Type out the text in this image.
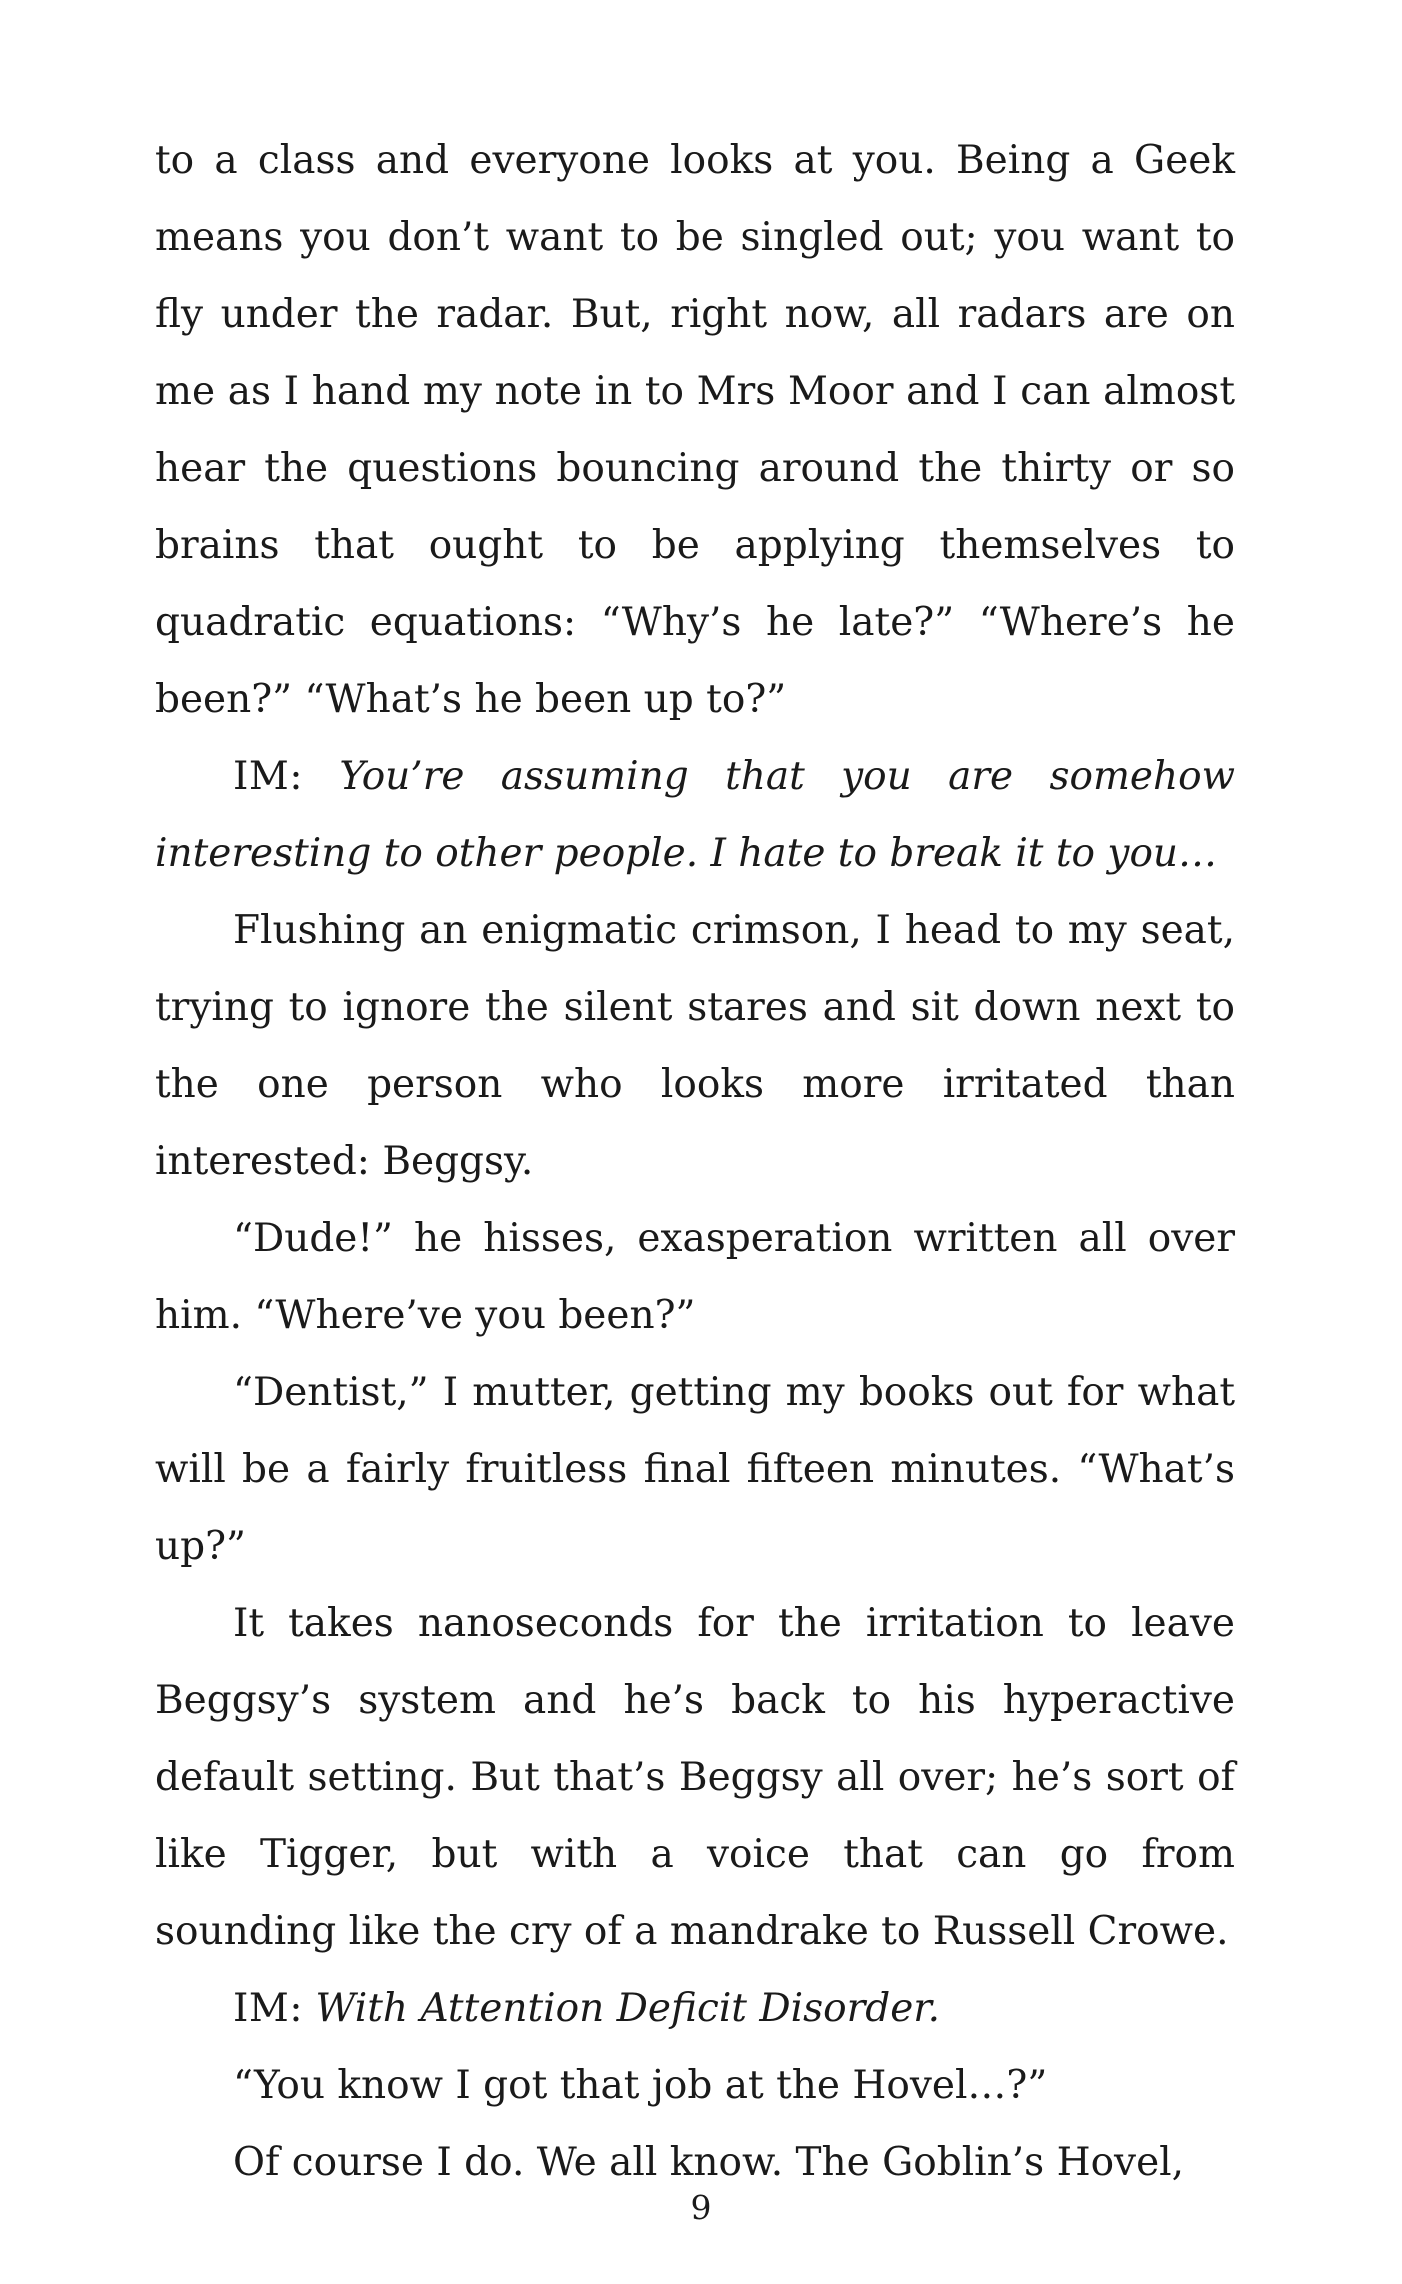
to a class and everyone looks at you. Being a Geek means you don’t want to be singled out; you want to fly under the radar. But, right now, all radars are on me as I hand my note in to Mrs Moor and I can almost hear the questions bouncing around the thirty or so brains that ought to be applying themselves to quadratic equations: “Why’s he late?” “Where’s he been?” “What’s he been up to?”

IM: You’re assuming that you are somehow interesting to other people. I hate to break it to you…

Flushing an enigmatic crimson, I head to my seat, trying to ignore the silent stares and sit down next to the one person who looks more irritated than interested: Beggsy.

“Dude!” he hisses, exasperation written all over him. “Where’ve you been?”

“Dentist,” I mutter, getting my books out for what will be a fairly fruitless final fifteen minutes. “What’s up?”

It takes nanoseconds for the irritation to leave Beggsy’s system and he’s back to his hyperactive default setting. But that’s Beggsy all over; he’s sort of like Tigger, but with a voice that can go from sounding like the cry of a mandrake to Russell Crowe.

IM: With Attention Deficit Disorder.

“You know I got that job at the Hovel…?”

Of course I do. We all know. The Goblin’s Hovel,

9
